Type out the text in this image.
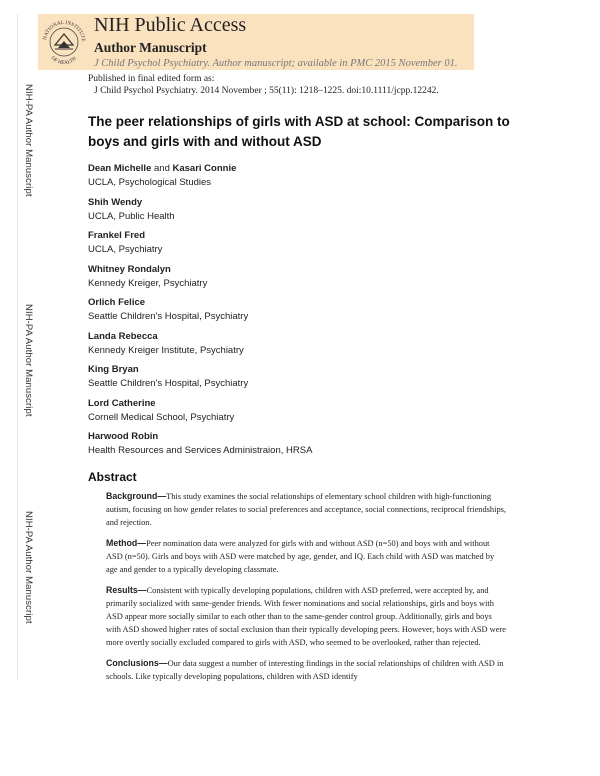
NIH-PA Author Manuscript
NIH-PA Author Manuscript
NIH-PA Author Manuscript
NATIONAL INSTITUTE
OF HEALTH
NIH Public Access
Author Manuscript
J Child Psychol Psychiatry. Author manuscript; available in PMC 2015 November 01.
Published in final edited form as:
J Child Psychol Psychiatry. 2014 November ; 55(11): 1218–1225. doi:10.1111/jcpp.12242.
The peer relationships of girls with ASD at school: Comparison to boys and girls with and without ASD
Dean Michelle and Kasari Connie
UCLA, Psychological Studies
Shih Wendy
UCLA, Public Health
Frankel Fred
UCLA, Psychiatry
Whitney Rondalyn
Kennedy Kreiger, Psychiatry
Orlich Felice
Seattle Children's Hospital, Psychiatry
Landa Rebecca
Kennedy Kreiger Institute, Psychiatry
King Bryan
Seattle Children's Hospital, Psychiatry
Lord Catherine
Cornell Medical School, Psychiatry
Harwood Robin
Health Resources and Services Administraion, HRSA
Abstract

Background—This study examines the social relationships of elementary school children with high-functioning autism, focusing on how gender relates to social preferences and acceptance, social connections, reciprocal friendships, and rejection.

Method—Peer nomination data were analyzed for girls with and without ASD (n=50) and boys with and without ASD (n=50). Girls and boys with ASD were matched by age, gender, and IQ. Each child with ASD was matched by age and gender to a typically developing classmate.

Results—Consistent with typically developing populations, children with ASD preferred, were accepted by, and primarily socialized with same-gender friends. With fewer nominations and social relationships, girls and boys with ASD appear more socially similar to each other than to the same-gender control group. Additionally, girls and boys with ASD showed higher rates of social exclusion than their typically developing peers. However, boys with ASD were more overtly socially excluded compared to girls with ASD, who seemed to be overlooked, rather than rejected.

Conclusions—Our data suggest a number of interesting findings in the social relationships of children with ASD in schools. Like typically developing populations, children with ASD identify
